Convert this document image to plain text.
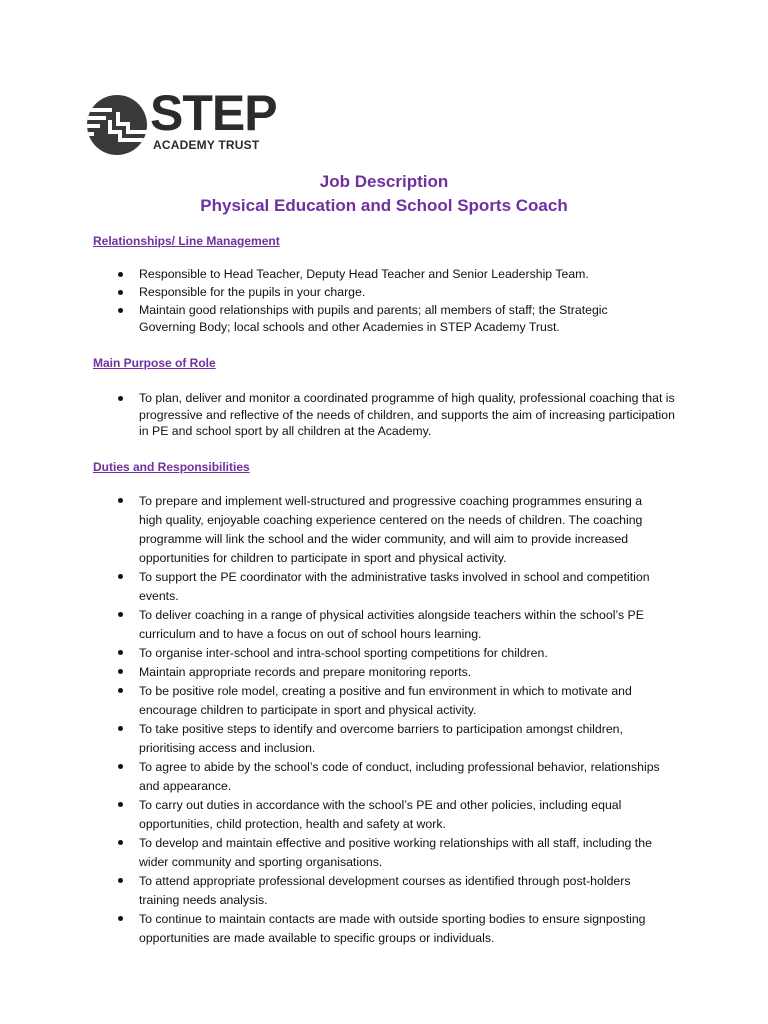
STEP
ACADEMY TRUST
Job Description
Physical Education and School Sports Coach
Relationships/ Line Management
Responsible to Head Teacher, Deputy Head Teacher and Senior Leadership Team.
Responsible for the pupils in your charge.
Maintain good relationships with pupils and parents; all members of staff; the Strategic Governing Body; local schools and other Academies in STEP Academy Trust.
Main Purpose of Role
To plan, deliver and monitor a coordinated programme of high quality, professional coaching that is progressive and reflective of the needs of children, and supports the aim of increasing participation in PE and school sport by all children at the Academy.
Duties and Responsibilities
To prepare and implement well-structured and progressive coaching programmes ensuring a high quality, enjoyable coaching experience centered on the needs of children. The coaching programme will link the school and the wider community, and will aim to provide increased opportunities for children to participate in sport and physical activity.
To support the PE coordinator with the administrative tasks involved in school and competition events.
To deliver coaching in a range of physical activities alongside teachers within the school’s PE curriculum and to have a focus on out of school hours learning.
To organise inter-school and intra-school sporting competitions for children.
Maintain appropriate records and prepare monitoring reports.
To be positive role model, creating a positive and fun environment in which to motivate and encourage children to participate in sport and physical activity.
To take positive steps to identify and overcome barriers to participation amongst children, prioritising access and inclusion.
To agree to abide by the school’s code of conduct, including professional behavior, relationships and appearance.
To carry out duties in accordance with the school’s PE and other policies, including equal opportunities, child protection, health and safety at work.
To develop and maintain effective and positive working relationships with all staff, including the wider community and sporting organisations.
To attend appropriate professional development courses as identified through post-holders training needs analysis.
To continue to maintain contacts are made with outside sporting bodies to ensure signposting opportunities are made available to specific groups or individuals.
